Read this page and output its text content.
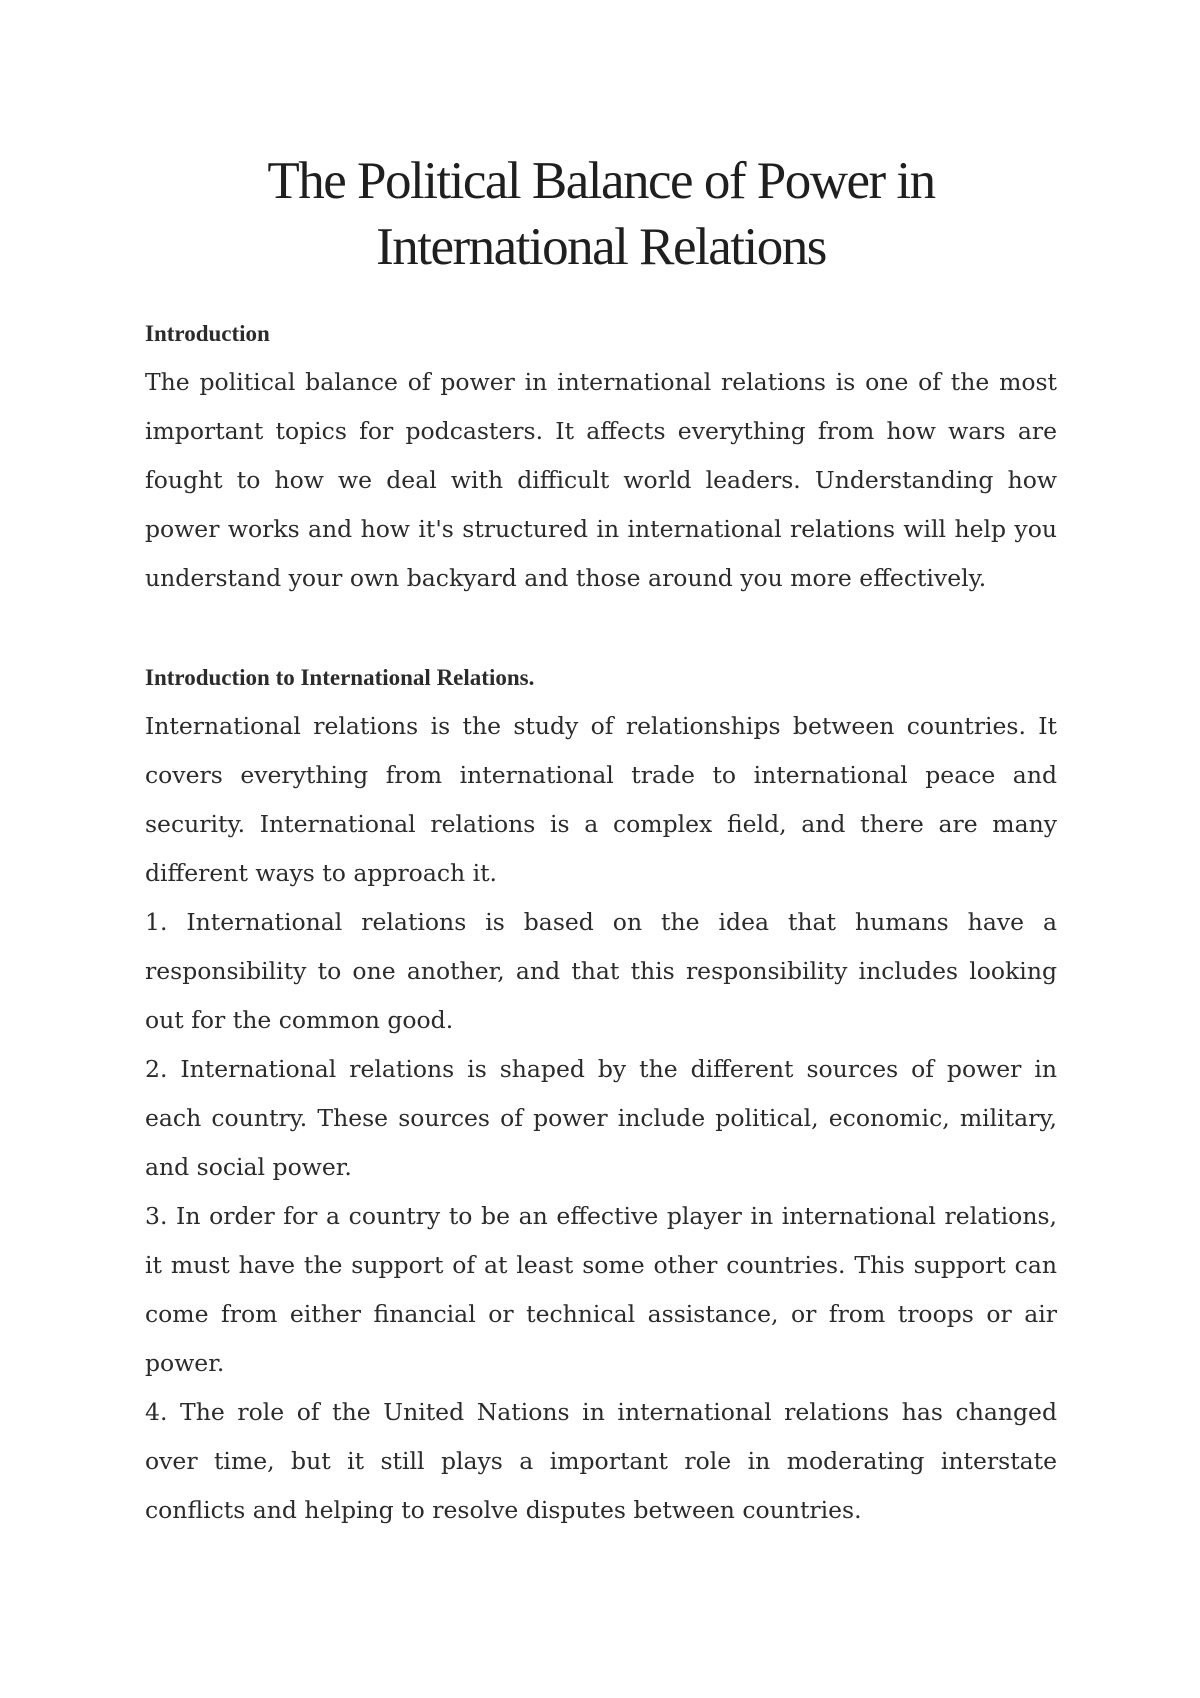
The Political Balance of Power in International Relations

Introduction

The political balance of power in international relations is one of the most important topics for podcasters. It affects everything from how wars are fought to how we deal with difficult world leaders. Understanding how power works and how it's structured in international relations will help you understand your own backyard and those around you more effectively.

Introduction to International Relations.

International relations is the study of relationships between countries. It covers everything from international trade to international peace and security. International relations is a complex field, and there are many different ways to approach it.

1. International relations is based on the idea that humans have a responsibility to one another, and that this responsibility includes looking out for the common good.

2. International relations is shaped by the different sources of power in each country. These sources of power include political, economic, military, and social power.

3. In order for a country to be an effective player in international relations, it must have the support of at least some other countries. This support can come from either financial or technical assistance, or from troops or air power.

4. The role of the United Nations in international relations has changed over time, but it still plays a important role in moderating interstate conflicts and helping to resolve disputes between countries.
